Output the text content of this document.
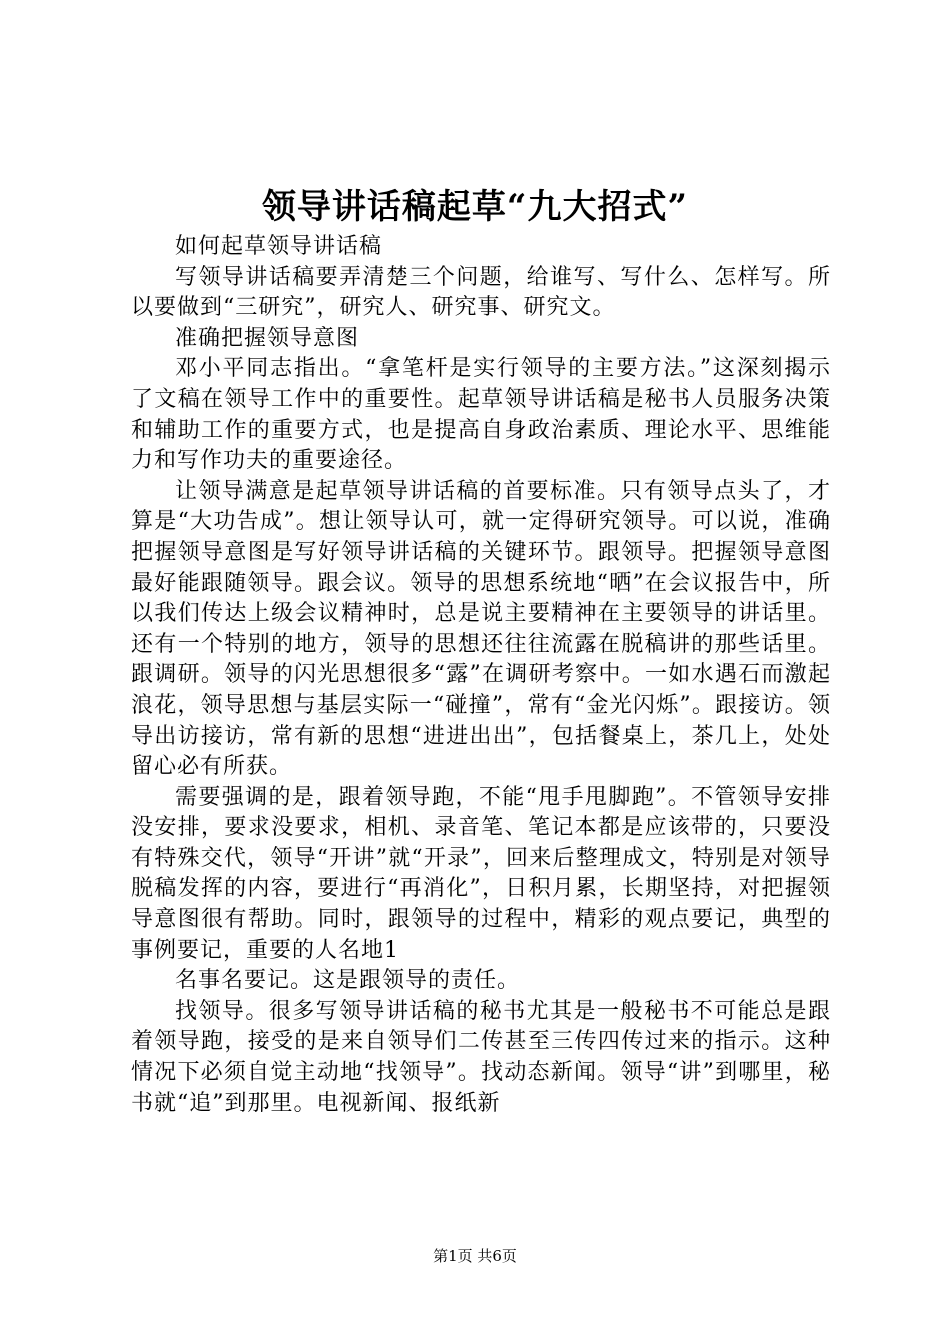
领导讲话稿起草“九大招式”

如何起草领导讲话稿

写领导讲话稿要弄清楚三个问题，给谁写、写什么、怎样写。所以要做到“三研究”，研究人、研究事、研究文。

准确把握领导意图

邓小平同志指出。“拿笔杆是实行领导的主要方法。”这深刻揭示了文稿在领导工作中的重要性。起草领导讲话稿是秘书人员服务决策和辅助工作的重要方式，也是提高自身政治素质、理论水平、思维能力和写作功夫的重要途径。

让领导满意是起草领导讲话稿的首要标准。只有领导点头了，才算是“大功告成”。想让领导认可，就一定得研究领导。可以说，准确把握领导意图是写好领导讲话稿的关键环节。跟领导。把握领导意图最好能跟随领导。跟会议。领导的思想系统地“晒”在会议报告中，所以我们传达上级会议精神时，总是说主要精神在主要领导的讲话里。还有一个特别的地方，领导的思想还往往流露在脱稿讲的那些话里。跟调研。领导的闪光思想很多“露”在调研考察中。一如水遇石而激起浪花，领导思想与基层实际一“碰撞”，常有“金光闪烁”。跟接访。领导出访接访，常有新的思想“进进出出”，包括餐桌上，茶几上，处处留心必有所获。

需要强调的是，跟着领导跑，不能“甩手甩脚跑”。不管领导安排没安排，要求没要求，相机、录音笔、笔记本都是应该带的，只要没有特殊交代，领导“开讲”就“开录”，回来后整理成文，特别是对领导脱稿发挥的内容，要进行“再消化”，日积月累，长期坚持，对把握领导意图很有帮助。同时，跟领导的过程中，精彩的观点要记，典型的事例要记，重要的人名地1

名事名要记。这是跟领导的责任。

找领导。很多写领导讲话稿的秘书尤其是一般秘书不可能总是跟着领导跑，接受的是来自领导们二传甚至三传四传过来的指示。这种情况下必须自觉主动地“找领导”。找动态新闻。领导“讲”到哪里，秘书就“追”到那里。电视新闻、报纸新

第1页 共6页
